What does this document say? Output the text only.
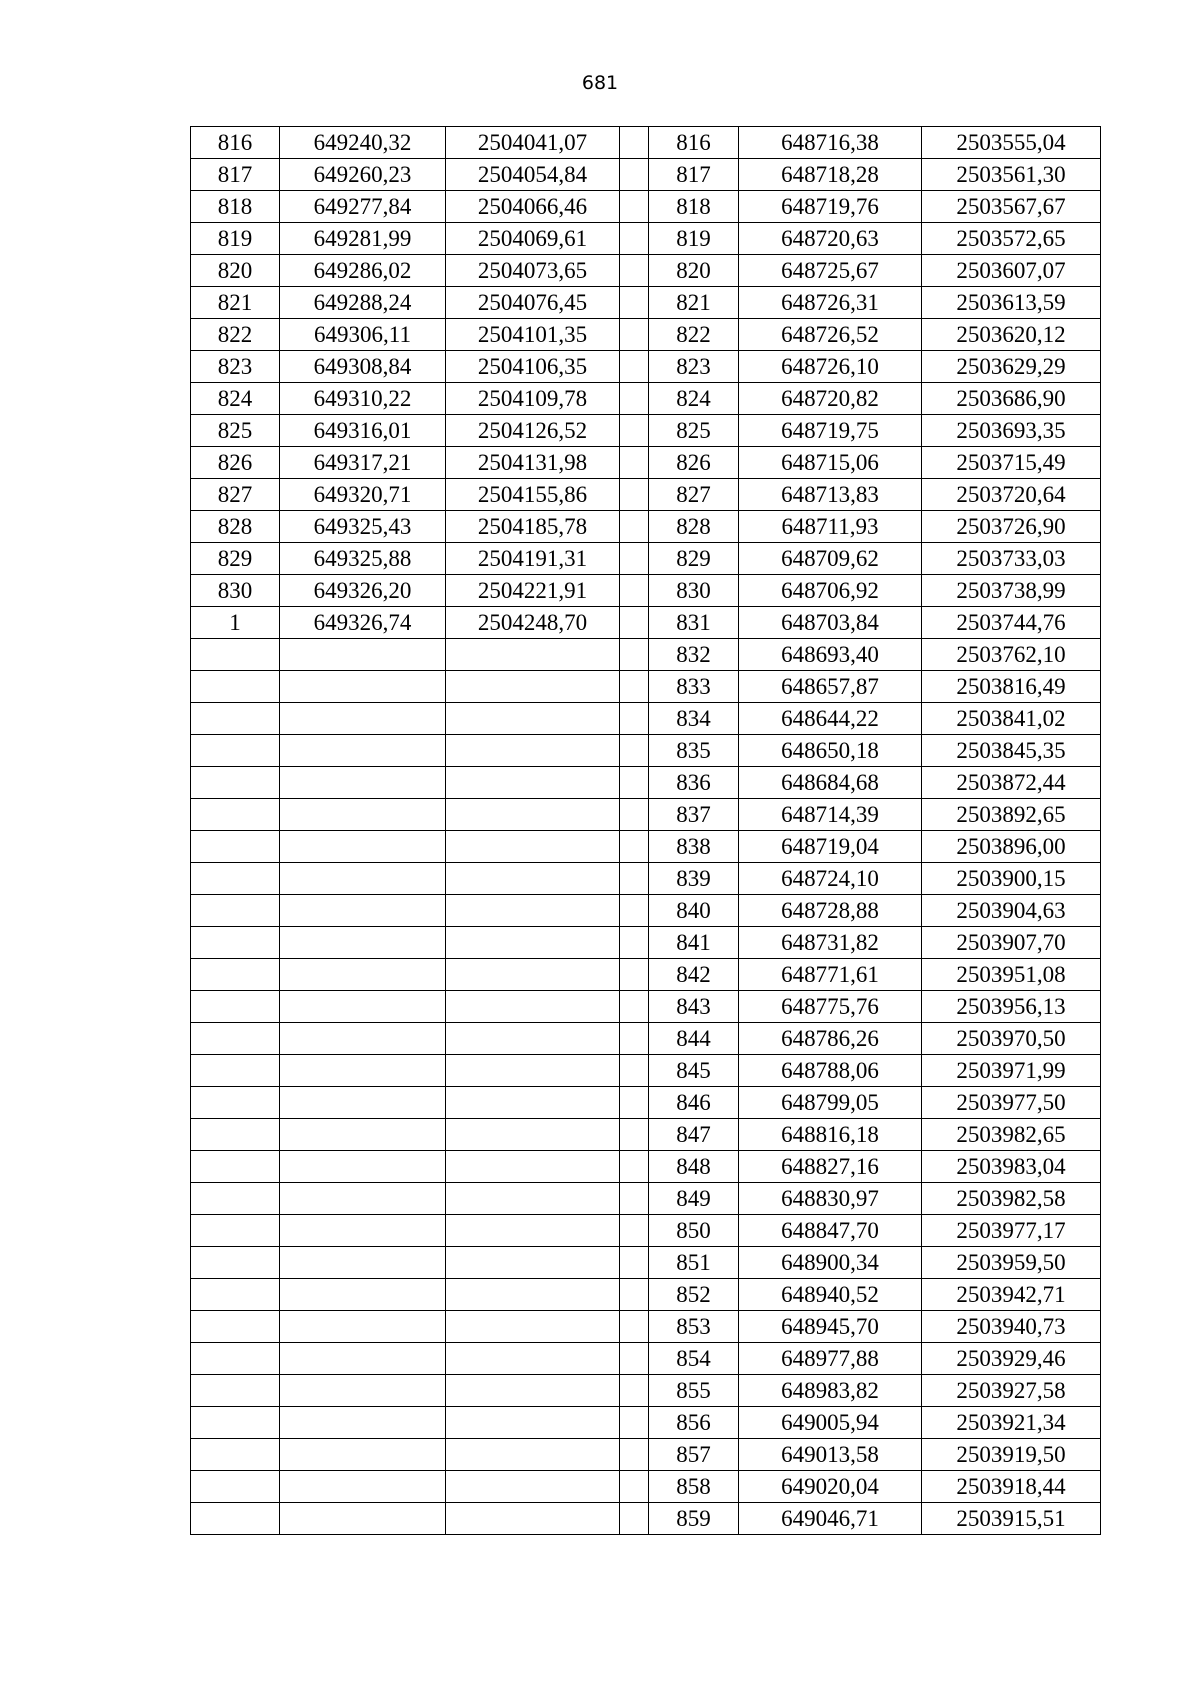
681
816	649240,32	2504041,07		816	648716,38	2503555,04
817	649260,23	2504054,84		817	648718,28	2503561,30
818	649277,84	2504066,46		818	648719,76	2503567,67
819	649281,99	2504069,61		819	648720,63	2503572,65
820	649286,02	2504073,65		820	648725,67	2503607,07
821	649288,24	2504076,45		821	648726,31	2503613,59
822	649306,11	2504101,35		822	648726,52	2503620,12
823	649308,84	2504106,35		823	648726,10	2503629,29
824	649310,22	2504109,78		824	648720,82	2503686,90
825	649316,01	2504126,52		825	648719,75	2503693,35
826	649317,21	2504131,98		826	648715,06	2503715,49
827	649320,71	2504155,86		827	648713,83	2503720,64
828	649325,43	2504185,78		828	648711,93	2503726,90
829	649325,88	2504191,31		829	648709,62	2503733,03
830	649326,20	2504221,91		830	648706,92	2503738,99
1	649326,74	2504248,70		831	648703,84	2503744,76
				832	648693,40	2503762,10
				833	648657,87	2503816,49
				834	648644,22	2503841,02
				835	648650,18	2503845,35
				836	648684,68	2503872,44
				837	648714,39	2503892,65
				838	648719,04	2503896,00
				839	648724,10	2503900,15
				840	648728,88	2503904,63
				841	648731,82	2503907,70
				842	648771,61	2503951,08
				843	648775,76	2503956,13
				844	648786,26	2503970,50
				845	648788,06	2503971,99
				846	648799,05	2503977,50
				847	648816,18	2503982,65
				848	648827,16	2503983,04
				849	648830,97	2503982,58
				850	648847,70	2503977,17
				851	648900,34	2503959,50
				852	648940,52	2503942,71
				853	648945,70	2503940,73
				854	648977,88	2503929,46
				855	648983,82	2503927,58
				856	649005,94	2503921,34
				857	649013,58	2503919,50
				858	649020,04	2503918,44
				859	649046,71	2503915,51
